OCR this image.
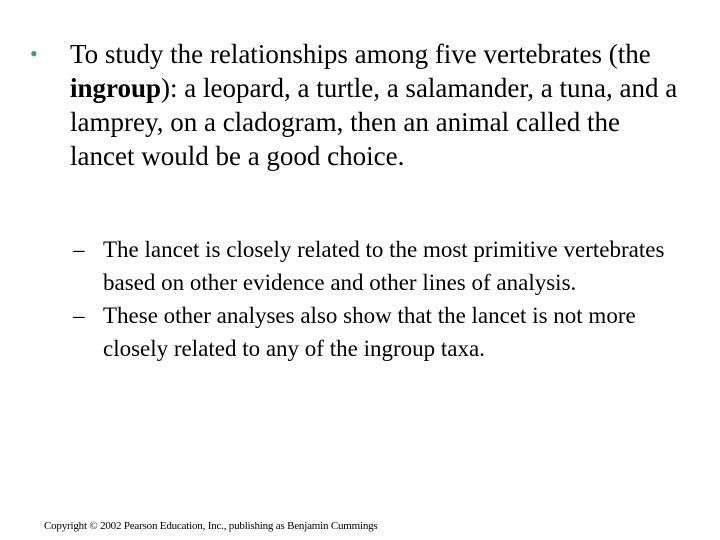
•	To study the relationships among five vertebrates (the ingroup): a leopard, a turtle, a salamander, a tuna, and a lamprey, on a cladogram, then an animal called the lancet would be a good choice.
– The lancet is closely related to the most primitive vertebrates based on other evidence and other lines of analysis.
– These other analyses also show that the lancet is not more closely related to any of the ingroup taxa.
Copyright © 2002 Pearson Education, Inc., publishing as Benjamin Cummings
